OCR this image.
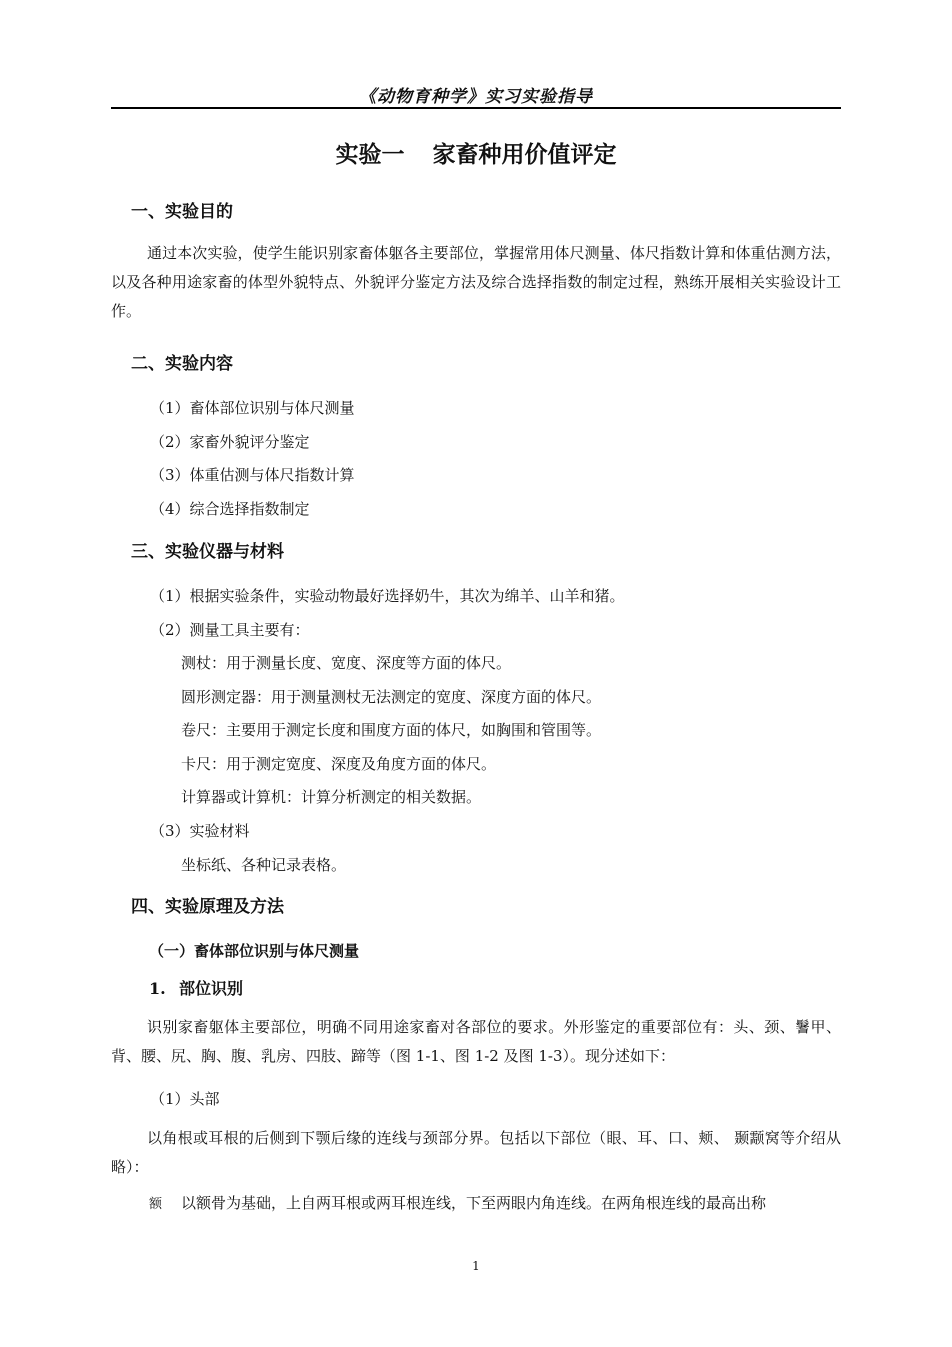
《动物育种学》实习实验指导
实验一 家畜种用价值评定
一、实验目的
通过本次实验，使学生能识别家畜体躯各主要部位，掌握常用体尺测量、体尺指数计算和体重估测方法，以及各种用途家畜的体型外貌特点、外貌评分鉴定方法及综合选择指数的制定过程，熟练开展相关实验设计工作。
二、实验内容
（1）畜体部位识别与体尺测量
（2）家畜外貌评分鉴定
（3）体重估测与体尺指数计算
（4）综合选择指数制定
三、实验仪器与材料
（1）根据实验条件，实验动物最好选择奶牛，其次为绵羊、山羊和猪。
（2）测量工具主要有：
测杖：用于测量长度、宽度、深度等方面的体尺。
圆形测定器：用于测量测杖无法测定的宽度、深度方面的体尺。
卷尺：主要用于测定长度和围度方面的体尺，如胸围和管围等。
卡尺：用于测定宽度、深度及角度方面的体尺。
计算器或计算机：计算分析测定的相关数据。
（3）实验材料
坐标纸、各种记录表格。
四、实验原理及方法
（一）畜体部位识别与体尺测量
1. 部位识别
识别家畜躯体主要部位，明确不同用途家畜对各部位的要求。外形鉴定的重要部位有：头、颈、鬐甲、背、腰、尻、胸、腹、乳房、四肢、蹄等（图 1-1、图 1-2 及图 1-3）。现分述如下：
（1）头部
以角根或耳根的后侧到下颚后缘的连线与颈部分界。包括以下部位（眼、耳、口、颊、 颞颥窝等介绍从略）：
额 以额骨为基础，上自两耳根或两耳根连线，下至两眼内角连线。在两角根连线的最高出称
1
